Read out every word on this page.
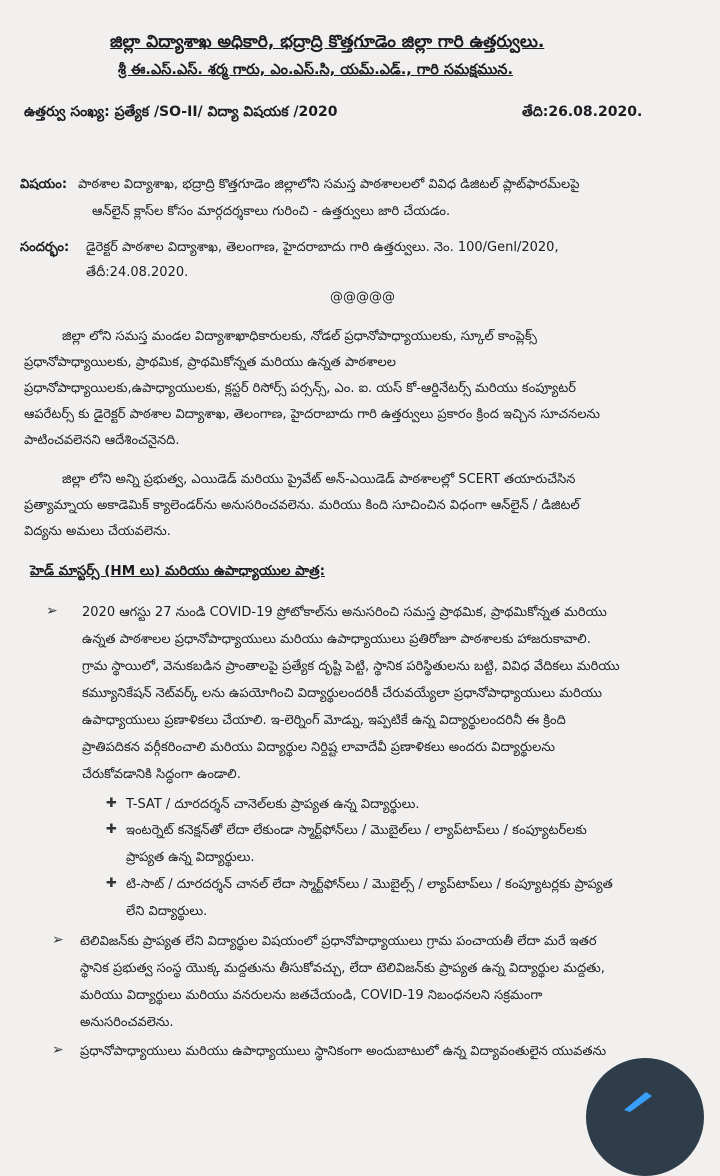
జిల్లా విద్యాశాఖ అధికారి, భద్రాద్రి కొత్తగూడెం జిల్లా గారి ఉత్తర్వులు.
శ్రీ ఈ.ఎస్.ఎస్. శర్మ గారు, ఎం.ఎస్.సి, యమ్.ఎడ్., గారి సమక్షమున.
ఉత్తర్వు సంఖ్య: ప్రత్యేక /SO-II/ విద్యా విషయక /2020	తేది:26.08.2020.
విషయం: పాఠశాల విద్యాశాఖ, భద్రాద్రి కొత్తగూడెం జిల్లాలోని సమస్త పాఠశాలలలో వివిధ డిజిటల్ ప్లాట్‌ఫారమ్‌లపై
ఆన్‌లైన్ క్లాస్‌ల కోసం మార్గదర్శకాలు గురించి - ఉత్తర్వులు జారి చేయడం.
సందర్భం: డైరెక్టర్ పాఠశాల విద్యాశాఖ, తెలంగాణ, హైదరాబాదు గారి ఉత్తర్వులు. నెం. 100/Genl/2020,
తేదీ:24.08.2020.
@@@@@
జిల్లా లోని సమస్త మండల విద్యాశాఖాధికారులకు, నోడల్ ప్రధానోపాధ్యాయులకు, స్కూల్ కాంప్లెక్స్
ప్రధానోపాధ్యాయిలకు, ప్రాథమిక, ప్రాథమికోన్నత మరియు ఉన్నత పాఠశాలల
ప్రధానోపాధ్యాయిలకు,ఉపాధ్యాయులకు, క్లస్టర్ రిసోర్స్ పర్సన్స్, ఎం. ఐ. యస్ కో-ఆర్డినేటర్స్ మరియు కంప్యూటర్
ఆపరేటర్స్ కు డైరెక్టర్ పాఠశాల విద్యాశాఖ, తెలంగాణ, హైదరాబాదు గారి ఉత్తర్వులు ప్రకారం క్రింద ఇచ్చిన సూచనలను
పాటించవలెనని ఆదేశించనైనది.
జిల్లా లోని అన్ని ప్రభుత్వ, ఎయిడెడ్ మరియు ప్రైవేట్ అన్-ఎయిడెడ్ పాఠశాలల్లో SCERT తయారుచేసిన
ప్రత్యామ్నాయ అకాడెమిక్ క్యాలెండర్‌ను అనుసరించవలెను. మరియు కింది సూచించిన విధంగా ఆన్‌లైన్ / డిజిటల్
విద్యను అమలు చేయవలెను.
హెడ్ మాస్టర్స్ (HM లు) మరియు ఉపాధ్యాయుల పాత్ర:
➢ 2020 ఆగస్టు 27 నుండి COVID-19 ప్రోటోకాల్‌ను అనుసరించి సమస్త ప్రాథమిక, ప్రాథమికోన్నత మరియు
ఉన్నత పాఠశాలల ప్రధానోపాధ్యాయులు మరియు ఉపాధ్యాయులు ప్రతిరోజూ పాఠశాలకు హాజరుకావాలి.
గ్రామ స్థాయిలో, వెనుకబడిన ప్రాంతాలపై ప్రత్యేక దృష్టి పెట్టి, స్థానిక పరిస్థితులను బట్టి, వివిధ వేదికలు మరియు
కమ్యూనికేషన్ నెట్‌వర్క్ లను ఉపయోగించి విద్యార్థులందరికీ చేరువయ్యేలా ప్రధానోపాధ్యాయులు మరియు
ఉపాధ్యాయులు ప్రణాళికలు చేయాలి. ఇ-లెర్నింగ్ మోడ్ను, ఇప్పటికే ఉన్న విద్యార్థులందరినీ ఈ క్రింది
ప్రాతిపదికన వర్గీకరించాలి మరియు విద్యార్థుల నిర్దిష్ట లావాదేవీ ప్రణాళికలు అందరు విద్యార్థులను
చేరుకోవడానికి సిద్ధంగా ఉండాలి.
✚ T-SAT / దూరదర్శన్ చానెల్‌లకు ప్రాప్యత ఉన్న విద్యార్థులు.
✚ ఇంటర్నెట్ కనెక్షన్‌తో లేదా లేకుండా స్మార్ట్‌ఫోన్‌లు / మొబైల్‌లు / ల్యాప్‌టాప్‌లు / కంప్యూటర్‌లకు
ప్రాప్యత ఉన్న విద్యార్థులు.
✚ టి-సాట్ / దూరదర్శన్ చానల్ లేదా స్మార్ట్‌ఫోన్‌లు / మొబైల్స్ / ల్యాప్‌టాప్‌లు / కంప్యూటర్లకు ప్రాప్యత
లేని విద్యార్థులు.
➢ టెలివిజన్‌కు ప్రాప్యత లేని విద్యార్థుల విషయంలో ప్రధానోపాధ్యాయులు గ్రామ పంచాయతీ లేదా మరే ఇతర
స్థానిక ప్రభుత్వ సంస్థ యొక్క మద్దతును తీసుకోవచ్చు, లేదా టెలివిజన్‌కు ప్రాప్యత ఉన్న విద్యార్థుల మద్దతు,
మరియు విద్యార్థులు మరియు వనరులను జతచేయండి, COVID-19 నిబంధనలని సక్రమంగా
అనుసరించవలెను.
➢ ప్రధానోపాధ్యాయులు మరియు ఉపాధ్యాయులు స్థానికంగా అందుబాటులో ఉన్న విద్యావంతులైన యువతను
